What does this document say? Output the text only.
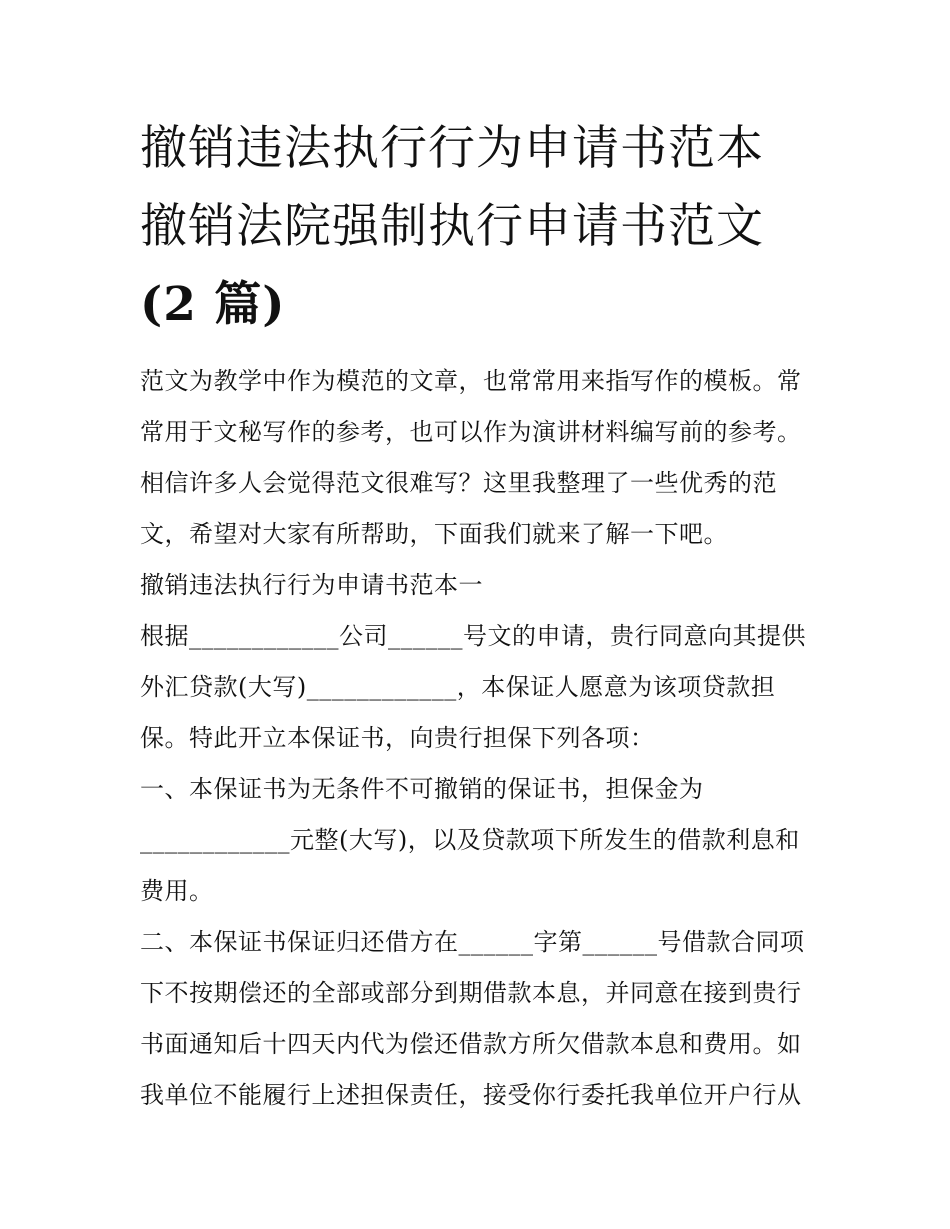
撤销违法执行行为申请书范本
撤销法院强制执行申请书范文
(2 篇)
范文为教学中作为模范的文章，也常常用来指写作的模板。常
常用于文秘写作的参考，也可以作为演讲材料编写前的参考。
相信许多人会觉得范文很难写？这里我整理了一些优秀的范
文，希望对大家有所帮助，下面我们就来了解一下吧。
撤销违法执行行为申请书范本一
根据____________公司______号文的申请，贵行同意向其提供
外汇贷款(大写)____________，本保证人愿意为该项贷款担
保。特此开立本保证书，向贵行担保下列各项：
一、本保证书为无条件不可撤销的保证书，担保金为
____________元整(大写)，以及贷款项下所发生的借款利息和
费用。
二、本保证书保证归还借方在______字第______号借款合同项
下不按期偿还的全部或部分到期借款本息，并同意在接到贵行
书面通知后十四天内代为偿还借款方所欠借款本息和费用。如
我单位不能履行上述担保责任，接受你行委托我单位开户行从
